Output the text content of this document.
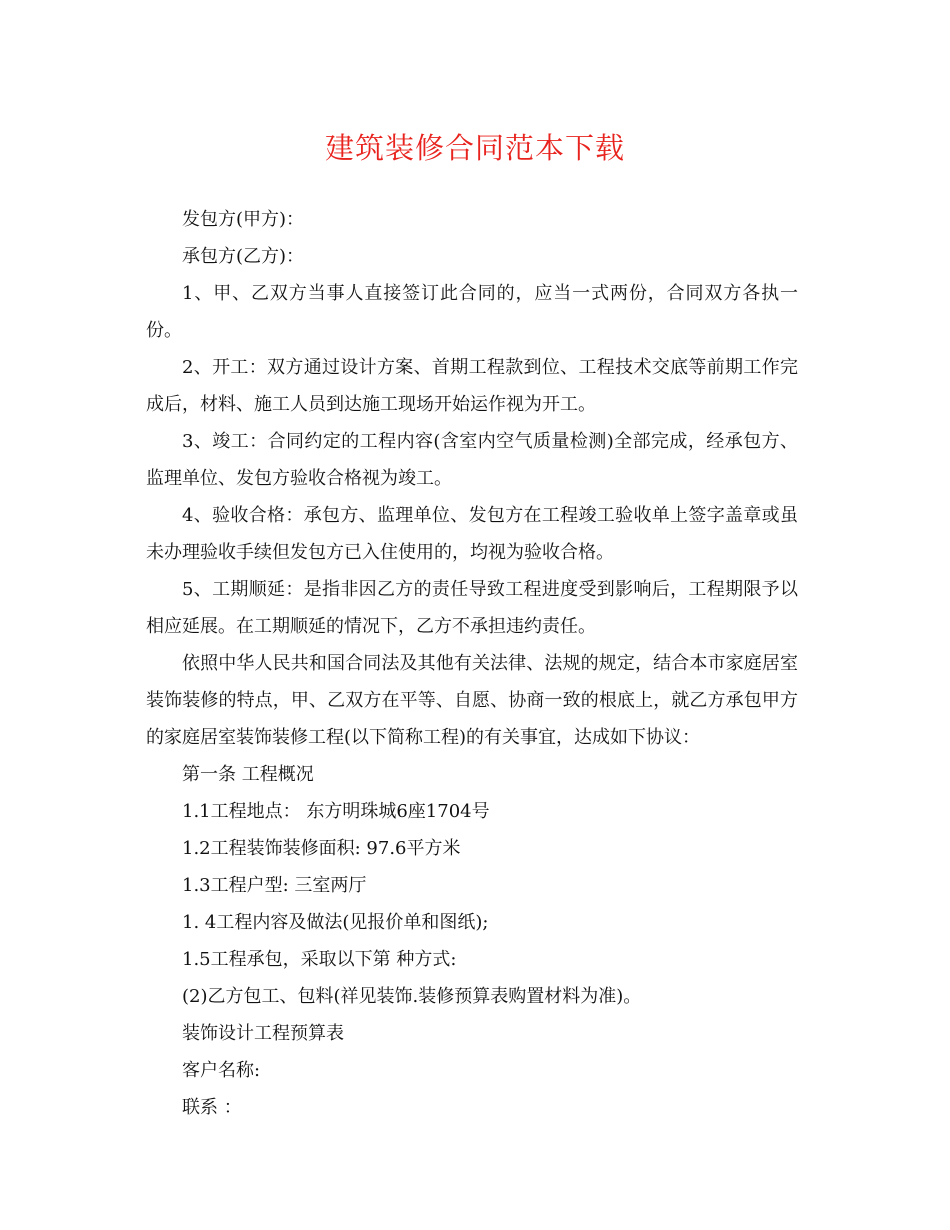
建筑装修合同范本下载

发包方(甲方)：

承包方(乙方)：

1、甲、乙双方当事人直接签订此合同的，应当一式两份，合同双方各执一份。

2、开工：双方通过设计方案、首期工程款到位、工程技术交底等前期工作完成后，材料、施工人员到达施工现场开始运作视为开工。

3、竣工：合同约定的工程内容(含室内空气质量检测)全部完成，经承包方、监理单位、发包方验收合格视为竣工。

4、验收合格：承包方、监理单位、发包方在工程竣工验收单上签字盖章或虽未办理验收手续但发包方已入住使用的，均视为验收合格。

5、工期顺延：是指非因乙方的责任导致工程进度受到影响后，工程期限予以相应延展。在工期顺延的情况下，乙方不承担违约责任。

依照中华人民共和国合同法及其他有关法律、法规的规定，结合本市家庭居室装饰装修的特点，甲、乙双方在平等、自愿、协商一致的根底上，就乙方承包甲方的家庭居室装饰装修工程(以下简称工程)的有关事宜，达成如下协议：

第一条 工程概况

1.1工程地点： 东方明珠城6座1704号

1.2工程装饰装修面积: 97.6平方米

1.3工程户型: 三室两厅

1. 4工程内容及做法(见报价单和图纸);

1.5工程承包，采取以下第 种方式:

(2)乙方包工、包料(祥见装饰.装修预算表购置材料为准)。

装饰设计工程预算表

客户名称:

联系 ：
